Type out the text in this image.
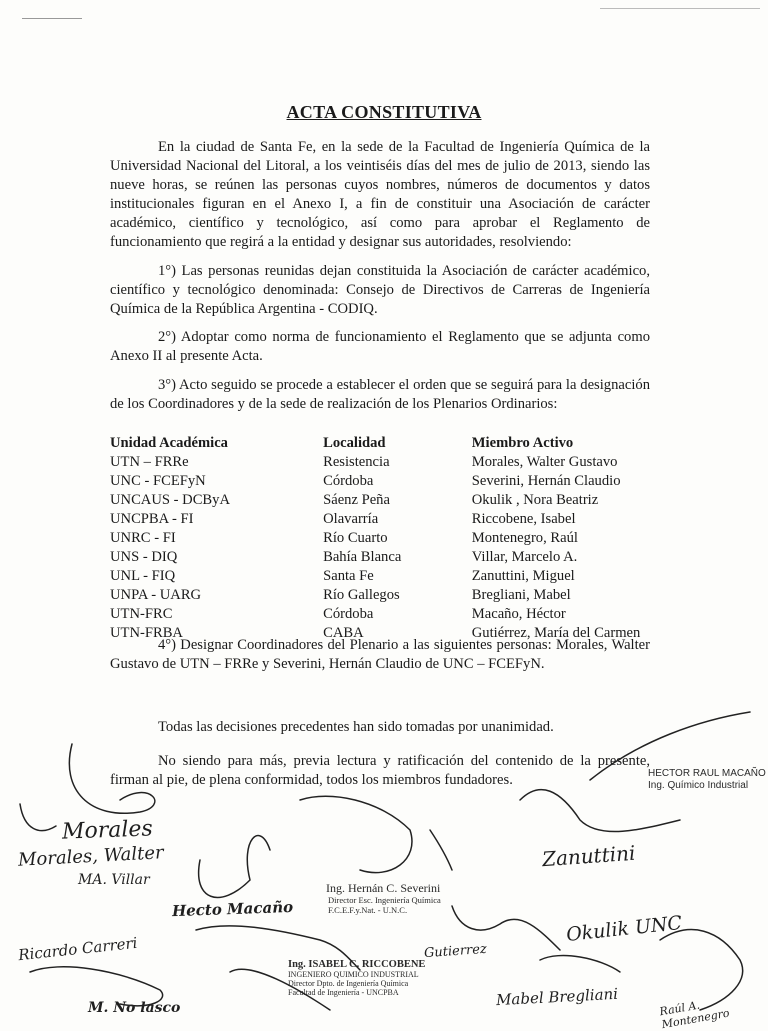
ACTA CONSTITUTIVA

En la ciudad de Santa Fe, en la sede de la Facultad de Ingeniería Química de la Universidad Nacional del Litoral, a los veintiséis días del mes de julio de 2013, siendo las nueve horas, se reúnen las personas cuyos nombres, números de documentos y datos institucionales figuran en el Anexo I, a fin de constituir una Asociación de carácter académico, científico y tecnológico, así como para aprobar el Reglamento de funcionamiento que regirá a la entidad y designar sus autoridades, resolviendo:

1°) Las personas reunidas dejan constituida la Asociación de carácter académico, científico y tecnológico denominada: Consejo de Directivos de Carreras de Ingeniería Química de la República Argentina - CODIQ.

2°) Adoptar como norma de funcionamiento el Reglamento que se adjunta como Anexo II al presente Acta.

3°) Acto seguido se procede a establecer el orden que se seguirá para la designación de los Coordinadores y de la sede de realización de los Plenarios Ordinarios:

Unidad Académica	Localidad	Miembro Activo
UTN – FRRe	Resistencia	Morales, Walter Gustavo
UNC - FCEFyN	Córdoba	Severini, Hernán Claudio
UNCAUS - DCByA	Sáenz Peña	Okulik , Nora Beatriz
UNCPBA - FI	Olavarría	Riccobene, Isabel
UNRC - FI	Río Cuarto	Montenegro, Raúl
UNS - DIQ	Bahía Blanca	Villar, Marcelo A.
UNL - FIQ	Santa Fe	Zanuttini, Miguel
UNPA - UARG	Río Gallegos	Bregliani, Mabel
UTN-FRC	Córdoba	Macaño, Héctor
UTN-FRBA	CABA	Gutiérrez, María del Carmen

4°) Designar Coordinadores del Plenario a las siguientes personas: Morales, Walter Gustavo de UTN – FRRe y Severini, Hernán Claudio de UNC – FCEFyN.

Todas las decisiones precedentes han sido tomadas por unanimidad.

No siendo para más, previa lectura y ratificación del contenido de la presente, firman al pie, de plena conformidad, todos los miembros fundadores.	HECTOR RAUL MACAÑO
Ing. Químico Industrial
Ing. Hernán C. Severini
Director Esc. Ingeniería Química
F.C.E.F.y.Nat. - U.N.C.
Ing. ISABEL C. RICCOBENE
INGENIERO QUIMICO INDUSTRIAL
Director Dpto. de Ingeniería Química
Facultad de Ingeniería - UNCPBA
Morales
Morales, Walter
MA. Villar
Hecto Macaño
Ricardo Carreri
Zanuttini
Okulik UNC
Mabel Bregliani	Raúl A. Montenegro
M. No lasco
Gutierrez
